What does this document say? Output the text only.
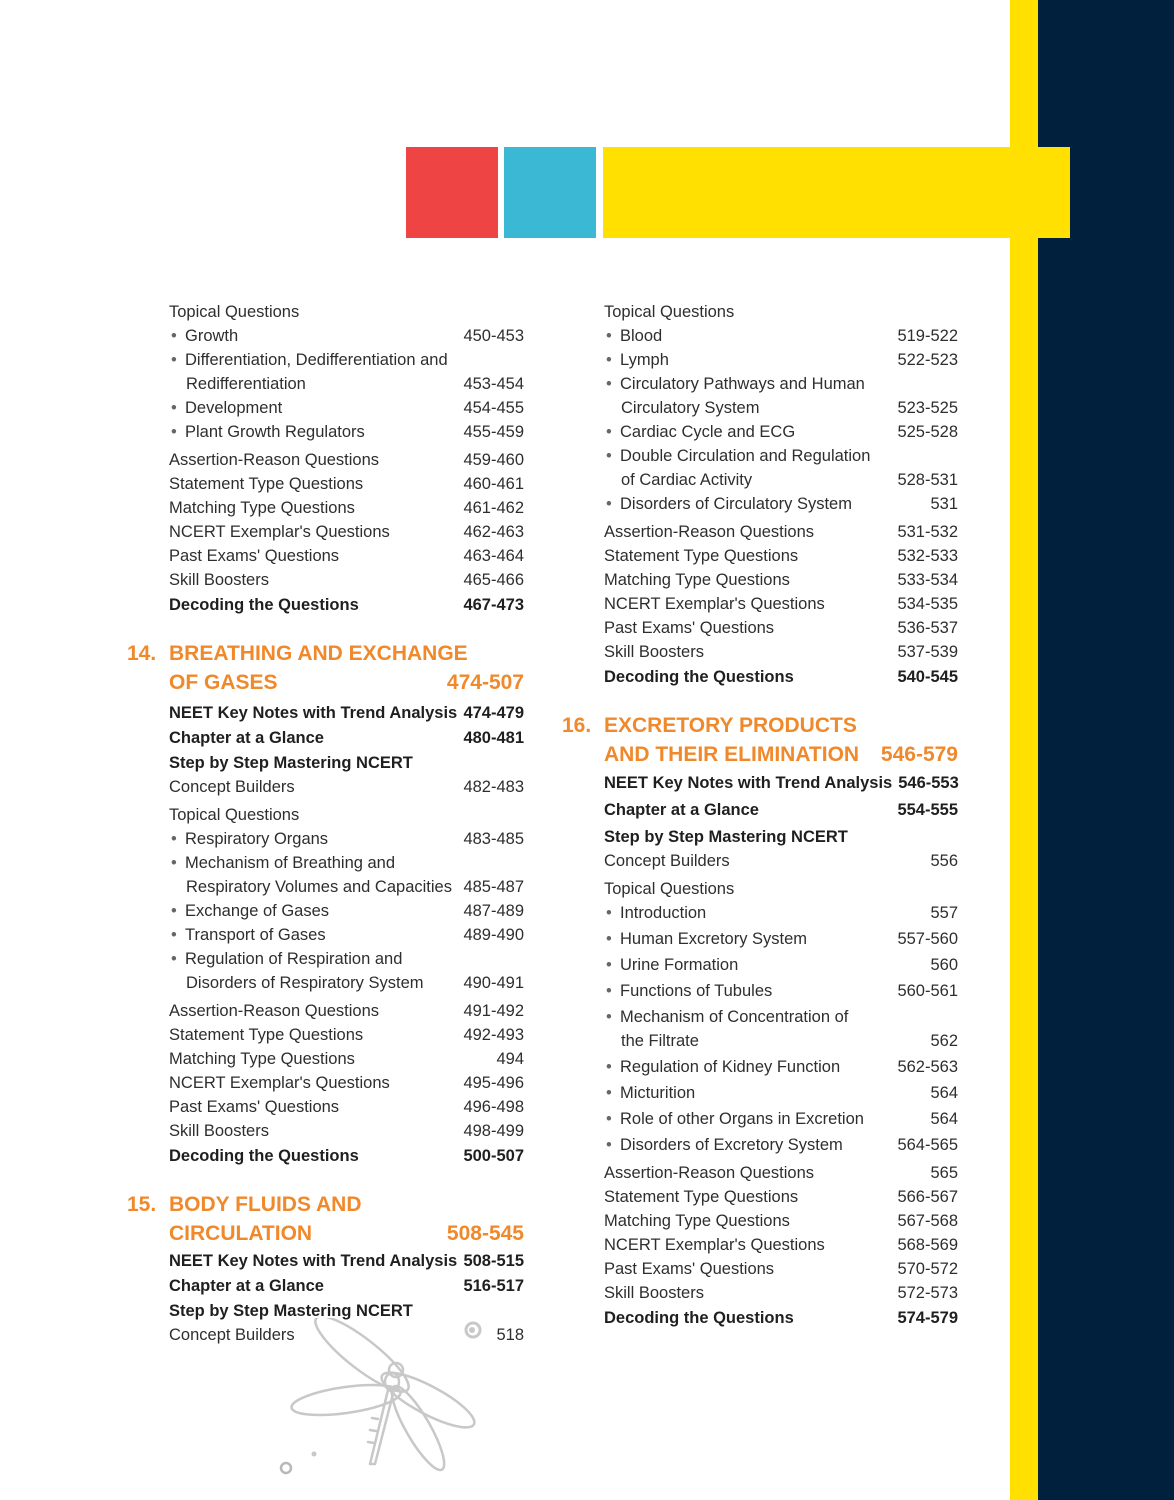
Topical Questions
• Growth	450-453
• Differentiation, Dedifferentiation and
Redifferentiation	453-454
• Development	454-455
• Plant Growth Regulators	455-459
Assertion-Reason Questions	459-460
Statement Type Questions	460-461
Matching Type Questions	461-462
NCERT Exemplar's Questions	462-463
Past Exams' Questions	463-464
Skill Boosters	465-466
Decoding the Questions	467-473
14. BREATHING AND EXCHANGE
OF GASES	474-507
NEET Key Notes with Trend Analysis 474-479
Chapter at a Glance	480-481
Step by Step Mastering NCERT
Concept Builders	482-483
Topical Questions
• Respiratory Organs	483-485
• Mechanism of Breathing and
Respiratory Volumes and Capacities 485-487
• Exchange of Gases	487-489
• Transport of Gases	489-490
• Regulation of Respiration and
Disorders of Respiratory System	490-491
Assertion-Reason Questions	491-492
Statement Type Questions	492-493
Matching Type Questions	494
NCERT Exemplar's Questions	495-496
Past Exams' Questions	496-498
Skill Boosters	498-499
Decoding the Questions	500-507
15. BODY FLUIDS AND
CIRCULATION	508-545
NEET Key Notes with Trend Analysis 508-515
Chapter at a Glance	516-517
Step by Step Mastering NCERT
Concept Builders	518
Topical Questions
• Blood	519-522
• Lymph	522-523
• Circulatory Pathways and Human
Circulatory System	523-525
• Cardiac Cycle and ECG	525-528
• Double Circulation and Regulation
of Cardiac Activity	528-531
• Disorders of Circulatory System	531
Assertion-Reason Questions	531-532
Statement Type Questions	532-533
Matching Type Questions	533-534
NCERT Exemplar's Questions	534-535
Past Exams' Questions	536-537
Skill Boosters	537-539
Decoding the Questions	540-545
16. EXCRETORY PRODUCTS
AND THEIR ELIMINATION 546-579
NEET Key Notes with Trend Analysis 546-553
Chapter at a Glance	554-555
Step by Step Mastering NCERT
Concept Builders	556
Topical Questions
• Introduction	557
• Human Excretory System	557-560
• Urine Formation	560
• Functions of Tubules	560-561
• Mechanism of Concentration of
the Filtrate	562
• Regulation of Kidney Function	562-563
• Micturition	564
• Role of other Organs in Excretion	564
• Disorders of Excretory System	564-565
Assertion-Reason Questions	565
Statement Type Questions	566-567
Matching Type Questions	567-568
NCERT Exemplar's Questions	568-569
Past Exams' Questions	570-572
Skill Boosters	572-573
Decoding the Questions	574-579
